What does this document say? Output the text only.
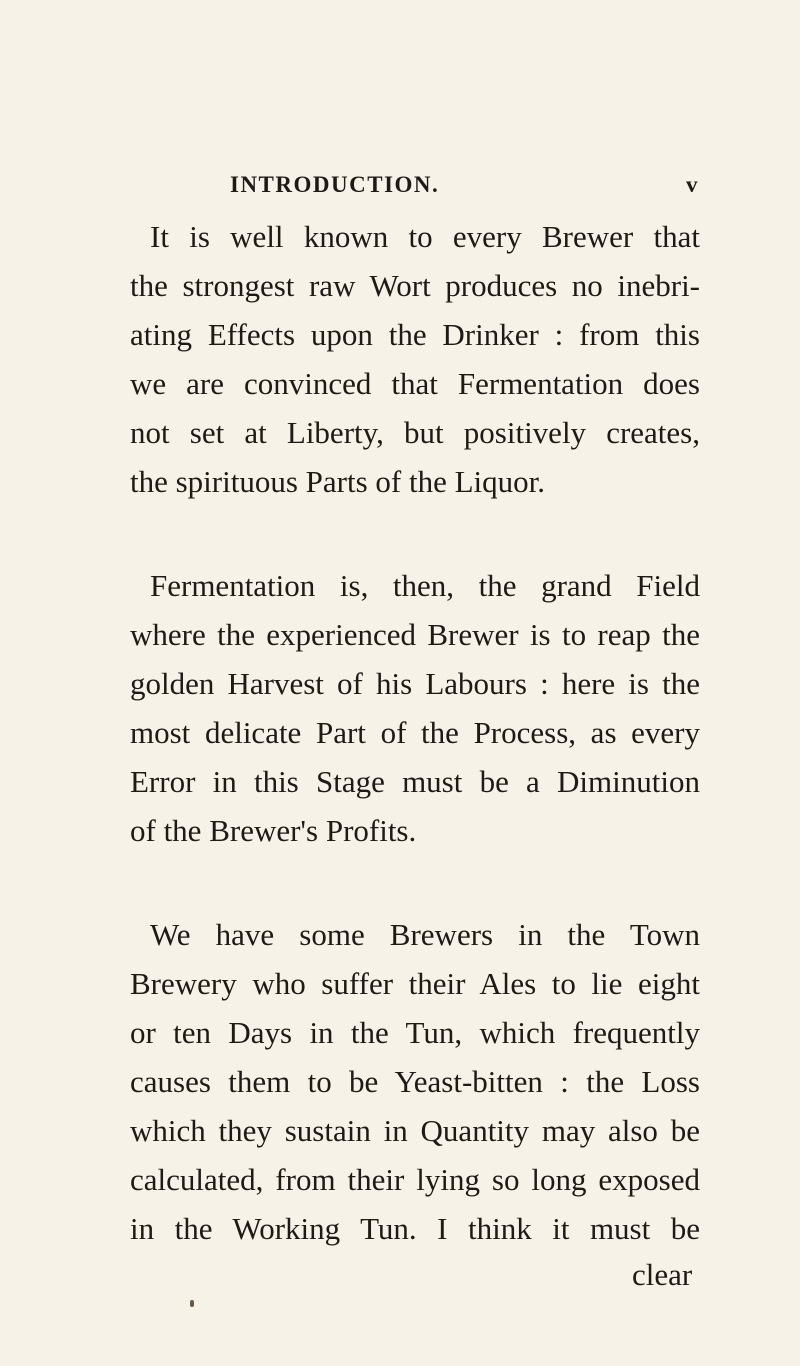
INTRODUCTION.	v

It is well known to every Brewer that
the strongest raw Wort produces no inebri-
ating Effects upon the Drinker : from this
we are convinced that Fermentation does
not set at Liberty, but positively creates,
the spirituous Parts of the Liquor.

Fermentation is, then, the grand Field
where the experienced Brewer is to reap the
golden Harvest of his Labours : here is the
most delicate Part of the Process, as every
Error in this Stage must be a Diminution
of the Brewer's Profits.

We have some Brewers in the Town
Brewery who suffer their Ales to lie eight
or ten Days in the Tun, which frequently
causes them to be Yeast-bitten : the Loss
which they sustain in Quantity may also be
calculated, from their lying so long exposed
in the Working Tun. I think it must be

clear
